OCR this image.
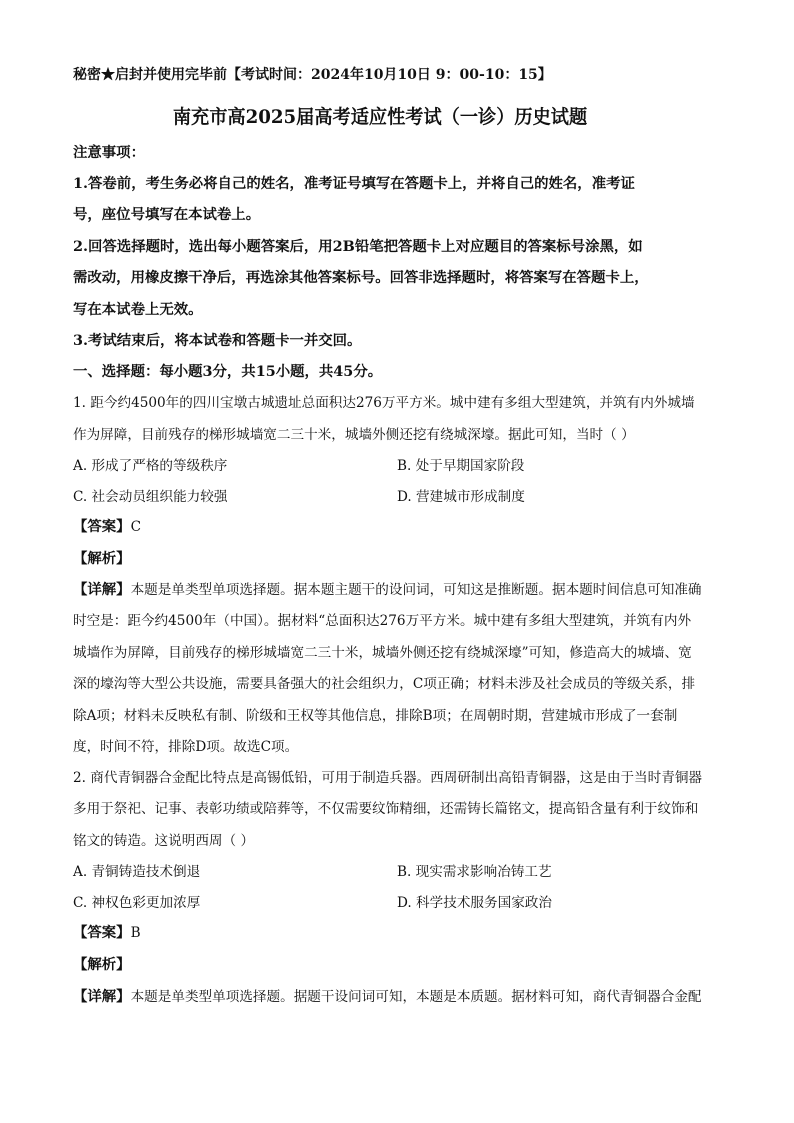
秘密★启封并使用完毕前【考试时间：2024年10月10日 9：00-10：15】
南充市高2025届高考适应性考试（一诊）历史试题
注意事项：
1.答卷前，考生务必将自己的姓名，准考证号填写在答题卡上，并将自己的姓名，准考证
号，座位号填写在本试卷上。
2.回答选择题时，选出每小题答案后，用2B铅笔把答题卡上对应题目的答案标号涂黑，如
需改动，用橡皮擦干净后，再选涂其他答案标号。回答非选择题时，将答案写在答题卡上，
写在本试卷上无效。
3.考试结束后，将本试卷和答题卡一并交回。
一、选择题：每小题3分，共15小题，共45分。
1. 距今约4500年的四川宝墩古城遗址总面积达276万平方米。城中建有多组大型建筑，并筑有内外城墙
作为屏障，目前残存的梯形城墙宽二三十米，城墙外侧还挖有绕城深壕。据此可知，当时（ ）
A. 形成了严格的等级秩序	B. 处于早期国家阶段
C. 社会动员组织能力较强	D. 营建城市形成制度
【答案】C
【解析】
【详解】本题是单类型单项选择题。据本题主题干的设问词，可知这是推断题。据本题时间信息可知准确
时空是：距今约4500年（中国）。据材料“总面积达276万平方米。城中建有多组大型建筑，并筑有内外
城墙作为屏障，目前残存的梯形城墙宽二三十米，城墙外侧还挖有绕城深壕”可知，修造高大的城墙、宽
深的壕沟等大型公共设施，需要具备强大的社会组织力，C项正确；材料未涉及社会成员的等级关系，排
除A项；材料未反映私有制、阶级和王权等其他信息，排除B项；在周朝时期，营建城市形成了一套制
度，时间不符，排除D项。故选C项。
2. 商代青铜器合金配比特点是高锡低铅，可用于制造兵器。西周研制出高铅青铜器，这是由于当时青铜器
多用于祭祀、记事、表彰功绩或陪葬等，不仅需要纹饰精细，还需铸长篇铭文，提高铅含量有利于纹饰和
铭文的铸造。这说明西周（ ）
A. 青铜铸造技术倒退	B. 现实需求影响冶铸工艺
C. 神权色彩更加浓厚	D. 科学技术服务国家政治
【答案】B
【解析】
【详解】本题是单类型单项选择题。据题干设问词可知，本题是本质题。据材料可知，商代青铜器合金配
